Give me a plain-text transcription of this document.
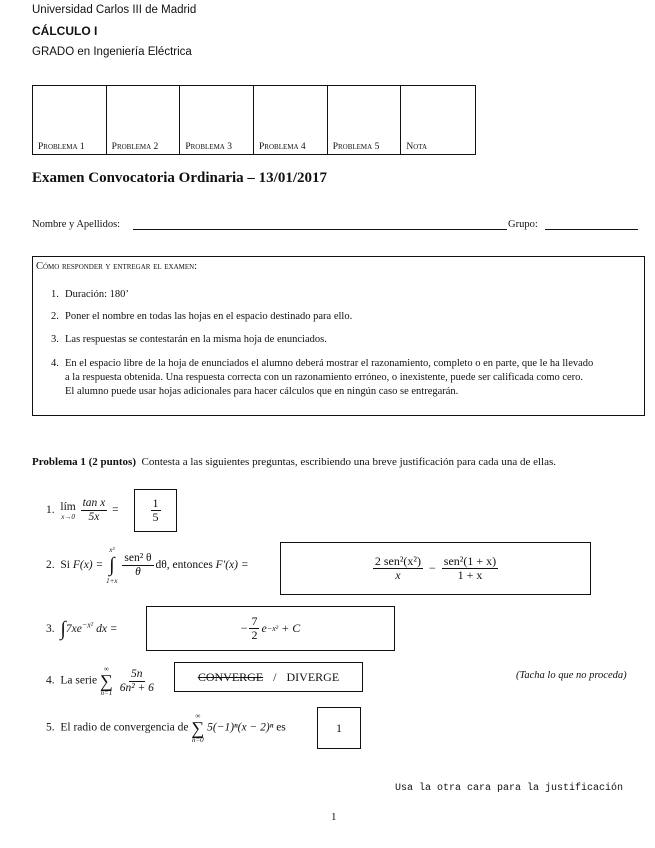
Universidad Carlos III de Madrid
CÁLCULO I
GRADO en Ingeniería Eléctrica
Problema 1	Problema 2	Problema 3	Problema 4	Problema 5	Nota
Examen Convocatoria Ordinaria – 13/01/2017
Nombre y Apellidos:	Grupo:
Cómo responder y entregar el examen:
1. Duración: 180’
2. Poner el nombre en todas las hojas en el espacio destinado para ello.
3. Las respuestas se contestarán en la misma hoja de enunciados.
4. En el espacio libre de la hoja de enunciados el alumno deberá mostrar el razonamiento, completo o en parte, que le ha llevado
a la respuesta obtenida. Una respuesta correcta con un razonamiento erróneo, o inexistente, puede ser calificada como cero.
El alumno puede usar hojas adicionales para hacer cálculos que en ningún caso se entregarán.
Problema 1 (2 puntos) Contesta a las siguientes preguntas, escribiendo una breve justificación para cada una de ellas.
1. lím
x→0
$\frac{\text{tan x}}{5x}$ =	$\frac{1}{5}$
2. Si F(x) =
x²
∫
1+x

$\frac{\text{sen² θ}}{\theta} d\theta$, entonces F′(x) =	$\frac{\text{2 sen²(x²)}}{x} - \frac{\text{sen²(1 + x)}}{1 + x}$
3. $\int 7xe^{-x^2}$ dx =	− $\frac{7}{2}$ e −x²
+ C
4. La serie
∞
∑
n=1
$\frac{5n}{\text{6n² + 6}}$	CONVERGE / DIVERGE	(Tacha lo que no proceda)
5. El radio de convergencia de
∞
∑
n=0
5(−1)ⁿ(x − 2)ⁿ es	1
Usa la otra cara para la justificación
1
